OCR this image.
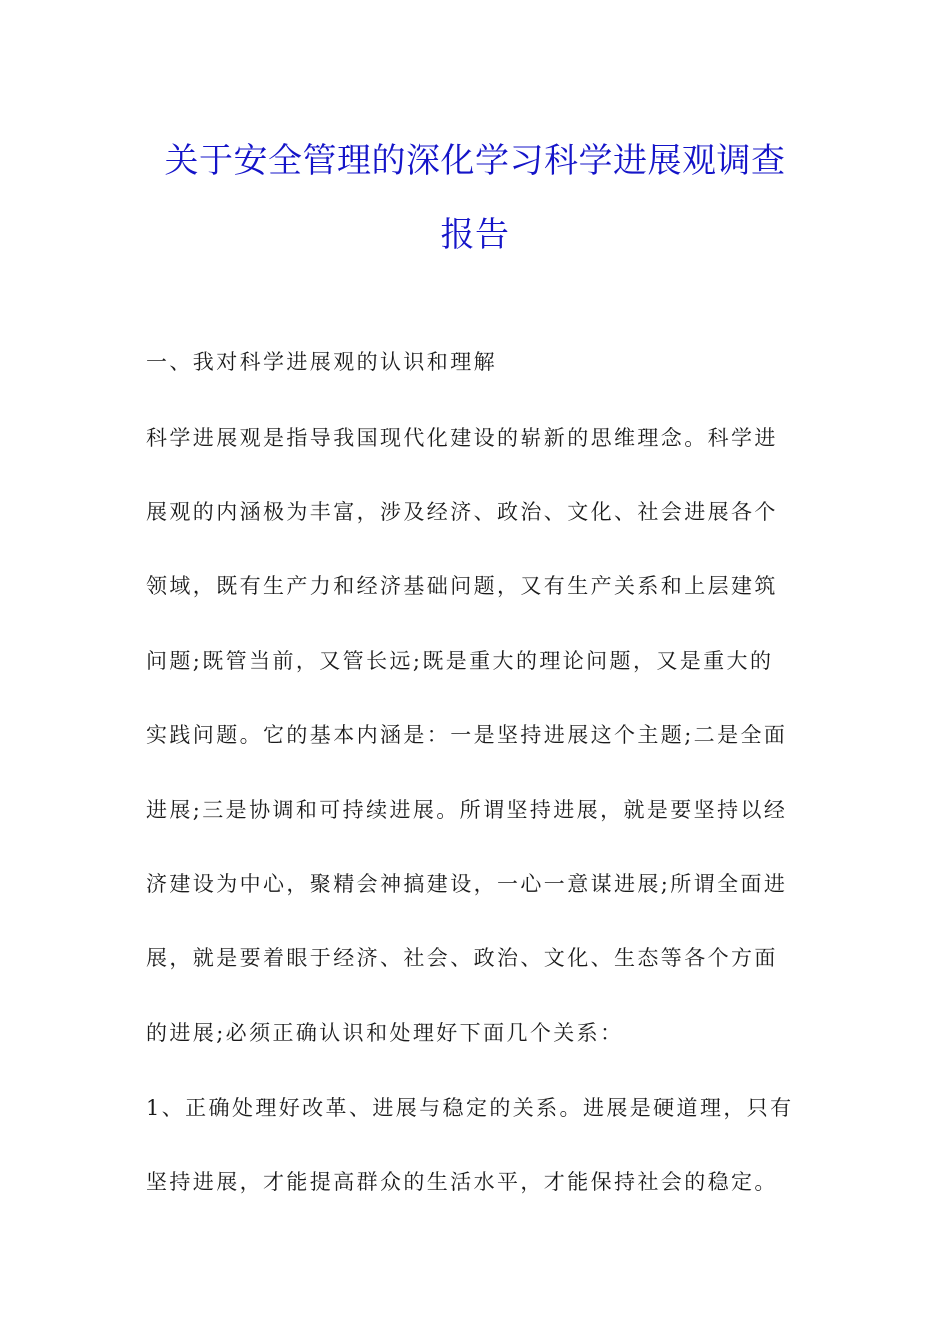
关于安全管理的深化学习科学进展观调查
报告
一、我对科学进展观的认识和理解
科学进展观是指导我国现代化建设的崭新的思维理念。科学进
展观的内涵极为丰富，涉及经济、政治、文化、社会进展各个
领域，既有生产力和经济基础问题，又有生产关系和上层建筑
问题;既管当前，又管长远;既是重大的理论问题，又是重大的
实践问题。它的基本内涵是：一是坚持进展这个主题;二是全面
进展;三是协调和可持续进展。所谓坚持进展，就是要坚持以经
济建设为中心，聚精会神搞建设，一心一意谋进展;所谓全面进
展，就是要着眼于经济、社会、政治、文化、生态等各个方面
的进展;必须正确认识和处理好下面几个关系：
1、正确处理好改革、进展与稳定的关系。进展是硬道理，只有
坚持进展，才能提高群众的生活水平，才能保持社会的稳定。
